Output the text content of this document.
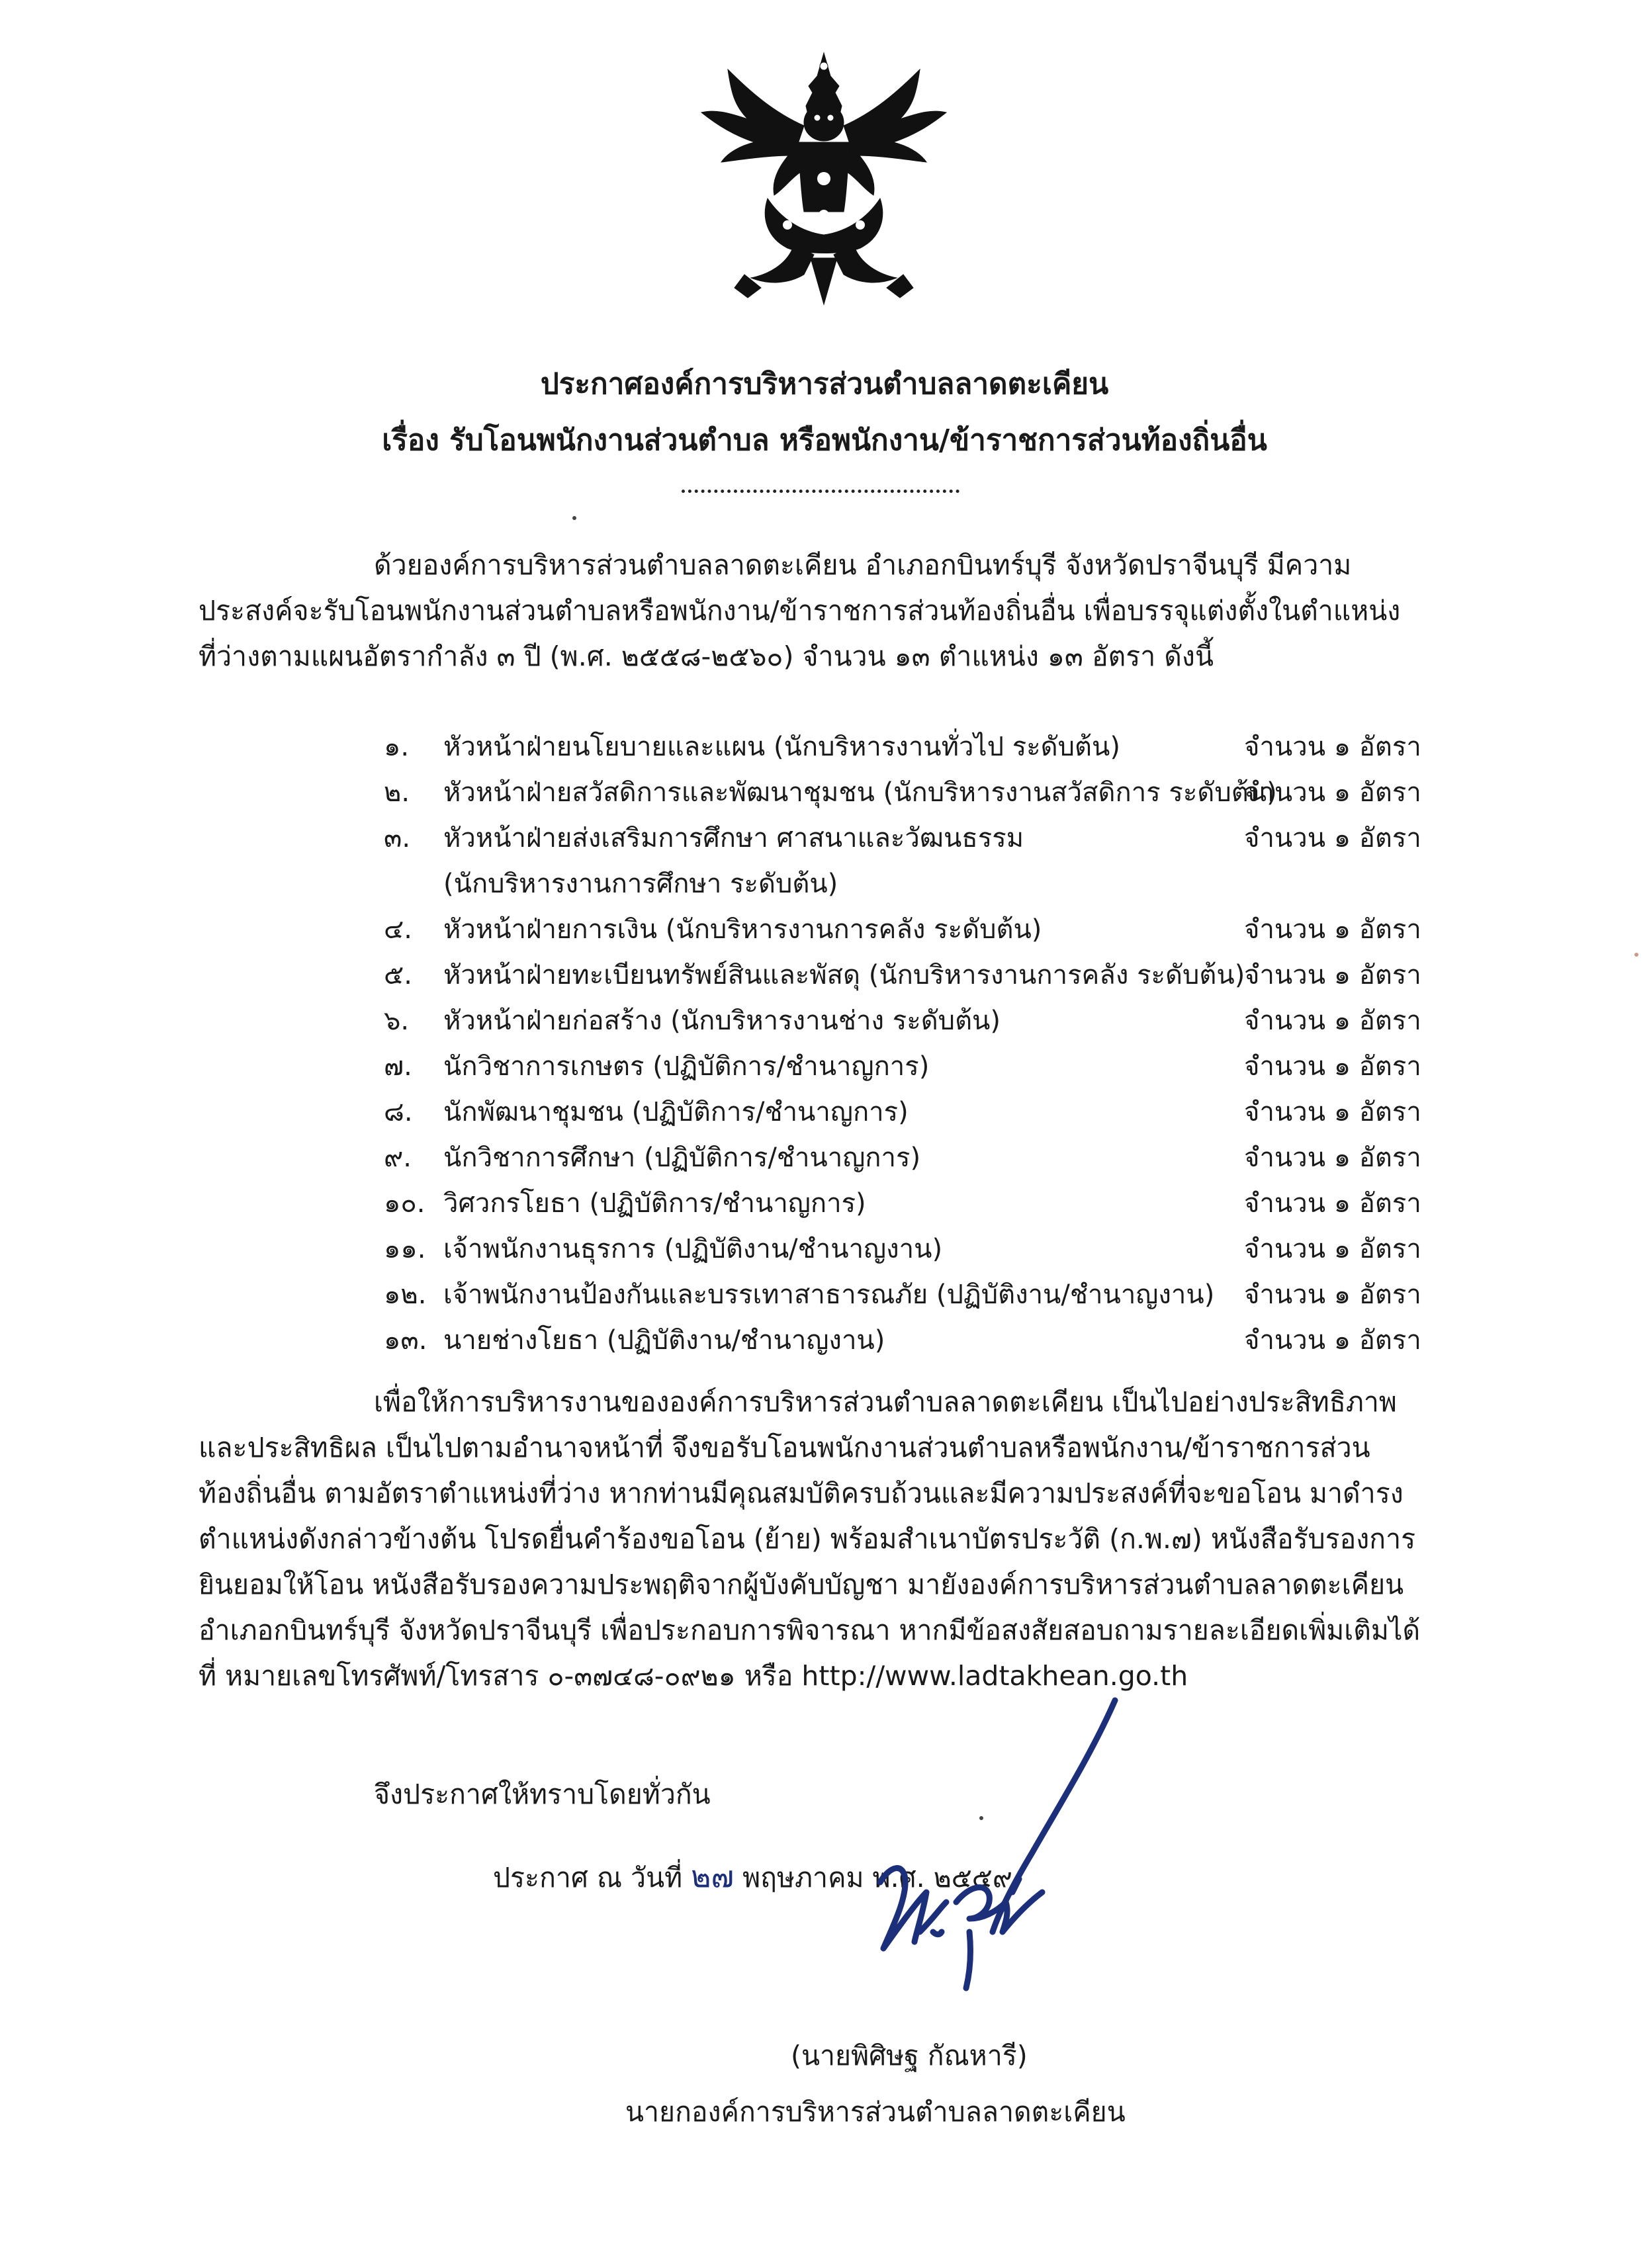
ประกาศองค์การบริหารส่วนตำบลลาดตะเคียน
เรื่อง รับโอนพนักงานส่วนตำบล หรือพนักงาน/ข้าราชการส่วนท้องถิ่นอื่น
ด้วยองค์การบริหารส่วนตำบลลาดตะเคียน อำเภอกบินทร์บุรี จังหวัดปราจีนบุรี มีความ
ประสงค์จะรับโอนพนักงานส่วนตำบลหรือพนักงาน/ข้าราชการส่วนท้องถิ่นอื่น เพื่อบรรจุแต่งตั้งในตำแหน่ง
ที่ว่างตามแผนอัตรากำลัง ๓ ปี (พ.ศ. ๒๕๕๘-๒๕๖๐) จำนวน ๑๓ ตำแหน่ง ๑๓ อัตรา ดังนี้
๑. หัวหน้าฝ่ายนโยบายและแผน (นักบริหารงานทั่วไป ระดับต้น)	จำนวน ๑ อัตรา
๒. หัวหน้าฝ่ายสวัสดิการและพัฒนาชุมชน (นักบริหารงานสวัสดิการ ระดับต้น)
จำนวน ๑ อัตรา
๓. หัวหน้าฝ่ายส่งเสริมการศึกษา ศาสนาและวัฒนธรรม
(นักบริหารงานการศึกษา ระดับต้น)
จำนวน ๑ อัตรา
๔. หัวหน้าฝ่ายการเงิน (นักบริหารงานการคลัง ระดับต้น)	จำนวน ๑ อัตรา
๕. หัวหน้าฝ่ายทะเบียนทรัพย์สินและพัสดุ (นักบริหารงานการคลัง ระดับต้น)
จำนวน ๑ อัตรา
๖. หัวหน้าฝ่ายก่อสร้าง (นักบริหารงานช่าง ระดับต้น)	จำนวน ๑ อัตรา
๗. นักวิชาการเกษตร (ปฏิบัติการ/ชำนาญการ)	จำนวน ๑ อัตรา
๘. นักพัฒนาชุมชน (ปฏิบัติการ/ชำนาญการ)	จำนวน ๑ อัตรา
๙. นักวิชาการศึกษา (ปฏิบัติการ/ชำนาญการ)	จำนวน ๑ อัตรา
๑๐. วิศวกรโยธา (ปฏิบัติการ/ชำนาญการ)	จำนวน ๑ อัตรา
๑๑. เจ้าพนักงานธุรการ (ปฏิบัติงาน/ชำนาญงาน)	จำนวน ๑ อัตรา
๑๒. เจ้าพนักงานป้องกันและบรรเทาสาธารณภัย (ปฏิบัติงาน/ชำนาญงาน) จำนวน ๑ อัตรา
๑๓. นายช่างโยธา (ปฏิบัติงาน/ชำนาญงาน)	จำนวน ๑ อัตรา
เพื่อให้การบริหารงานขององค์การบริหารส่วนตำบลลาดตะเคียน เป็นไปอย่างประสิทธิภาพ
และประสิทธิผล เป็นไปตามอำนาจหน้าที่ จึงขอรับโอนพนักงานส่วนตำบลหรือพนักงาน/ข้าราชการส่วน
ท้องถิ่นอื่น ตามอัตราตำแหน่งที่ว่าง หากท่านมีคุณสมบัติครบถ้วนและมีความประสงค์ที่จะขอโอน มาดำรง
ตำแหน่งดังกล่าวข้างต้น โปรดยื่นคำร้องขอโอน (ย้าย) พร้อมสำเนาบัตรประวัติ (ก.พ.๗) หนังสือรับรองการ
ยินยอมให้โอน หนังสือรับรองความประพฤติจากผู้บังคับบัญชา มายังองค์การบริหารส่วนตำบลลาดตะเคียน
อำเภอกบินทร์บุรี จังหวัดปราจีนบุรี เพื่อประกอบการพิจารณา หากมีข้อสงสัยสอบถามรายละเอียดเพิ่มเติมได้
ที่ หมายเลขโทรศัพท์/โทรสาร ๐-๓๗๔๘-๐๙๒๑ หรือ http://www.ladtakhean.go.th
จึงประกาศให้ทราบโดยทั่วกัน
ประกาศ ณ วันที่ ๒๗ พฤษภาคม พ.ศ. ๒๕๕๙
(นายพิศิษฐ กัณหารี)
นายกองค์การบริหารส่วนตำบลลาดตะเคียน
